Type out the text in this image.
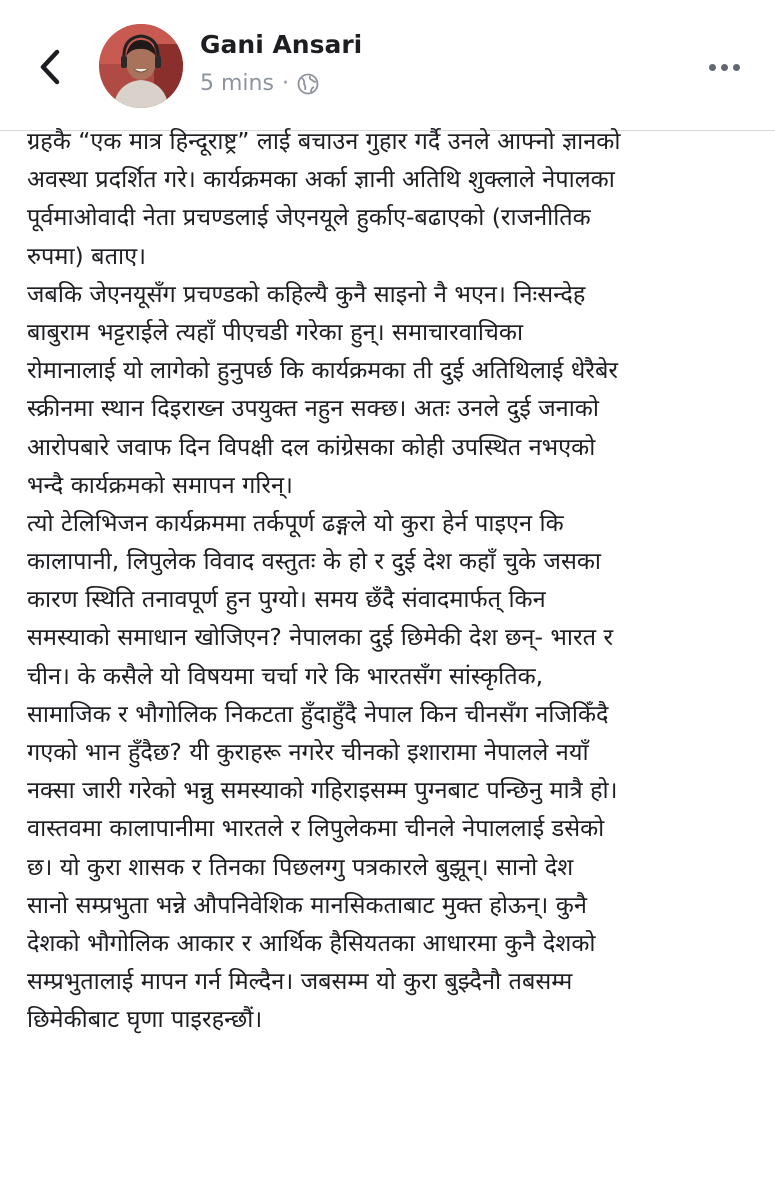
Gani Ansari
5 mins ·
ग्रहकै “एक मात्र हिन्दूराष्ट्र” लाई बचाउन गुहार गर्दै उनले आफ्नो ज्ञानको
अवस्था प्रदर्शित गरे। कार्यक्रमका अर्का ज्ञानी अतिथि शुक्लाले नेपालका
पूर्वमाओवादी नेता प्रचण्डलाई जेएनयूले हुर्काए-बढाएको (राजनीतिक
रुपमा) बताए।
जबकि जेएनयूसँग प्रचण्डको कहिल्यै कुनै साइनो नै भएन। निःसन्देह
बाबुराम भट्टराईले त्यहाँ पीएचडी गरेका हुन्। समाचारवाचिका
रोमानालाई यो लागेको हुनुपर्छ कि कार्यक्रमका ती दुई अतिथिलाई धेरैबेर
स्क्रीनमा स्थान दिइराख्न उपयुक्त नहुन सक्छ। अतः उनले दुई जनाको
आरोपबारे जवाफ दिन विपक्षी दल कांग्रेसका कोही उपस्थित नभएको
भन्दै कार्यक्रमको समापन गरिन्।
त्यो टेलिभिजन कार्यक्रममा तर्कपूर्ण ढङ्गले यो कुरा हेर्न पाइएन कि
कालापानी, लिपुलेक विवाद वस्तुतः के हो र दुई देश कहाँ चुके जसका
कारण स्थिति तनावपूर्ण हुन पुग्यो। समय छँदै संवादमार्फत् किन
समस्याको समाधान खोजिएन? नेपालका दुई छिमेकी देश छन्- भारत र
चीन। के कसैले यो विषयमा चर्चा गरे कि भारतसँग सांस्कृतिक,
सामाजिक र भौगोलिक निकटता हुँदाहुँदै नेपाल किन चीनसँग नजिकिँदै
गएको भान हुँदैछ? यी कुराहरू नगरेर चीनको इशारामा नेपालले नयाँ
नक्सा जारी गरेको भन्नु समस्याको गहिराइसम्म पुग्नबाट पन्छिनु मात्रै हो।
वास्तवमा कालापानीमा भारतले र लिपुलेकमा चीनले नेपाललाई डसेको
छ। यो कुरा शासक र तिनका पिछलग्गु पत्रकारले बुझून्। सानो देश
सानो सम्प्रभुता भन्ने औपनिवेशिक मानसिकताबाट मुक्त होऊन्। कुनै
देशको भौगोलिक आकार र आर्थिक हैसियतका आधारमा कुनै देशको
सम्प्रभुतालाई मापन गर्न मिल्दैन। जबसम्म यो कुरा बुझ्दैनौ तबसम्म
छिमेकीबाट घृणा पाइरहन्छौं।
